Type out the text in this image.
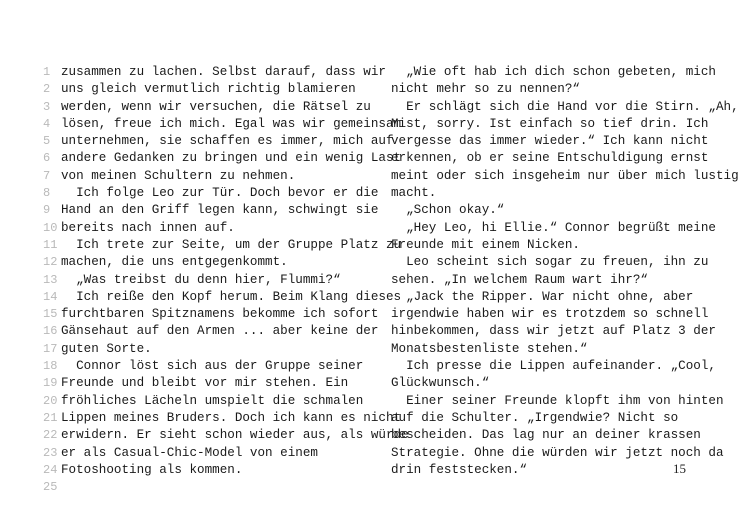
1 zusammen zu lachen. Selbst darauf, dass wir
2 uns gleich vermutlich richtig blamieren
3 werden, wenn wir versuchen, die Rätsel zu
4 lösen, freue ich mich. Egal was wir gemeinsam
5 unternehmen, sie schaffen es immer, mich auf
6 andere Gedanken zu bringen und ein wenig Last
7 von meinen Schultern zu nehmen.
8 Ich folge Leo zur Tür. Doch bevor er die
9 Hand an den Griff legen kann, schwingt sie
10 bereits nach innen auf.
11 Ich trete zur Seite, um der Gruppe Platz zu
12 machen, die uns entgegenkommt.
13 „Was treibst du denn hier, Flummi?“
14 Ich reiße den Kopf herum. Beim Klang dieses
15 furchtbaren Spitznamens bekomme ich sofort
16 Gänsehaut auf den Armen ... aber keine der
17 guten Sorte.
18 Connor löst sich aus der Gruppe seiner
19 Freunde und bleibt vor mir stehen. Ein
20 fröhliches Lächeln umspielt die schmalen
21 Lippen meines Bruders. Doch ich kann es nicht
22 erwidern. Er sieht schon wieder aus, als würde
23 er als Casual-Chic-Model von einem
24 Fotoshooting als kommen.
25
„Wie oft hab ich dich schon gebeten, mich
nicht mehr so zu nennen?“
Er schlägt sich die Hand vor die Stirn. „Ah,
Mist, sorry. Ist einfach so tief drin. Ich
vergesse das immer wieder.“ Ich kann nicht
erkennen, ob er seine Entschuldigung ernst
meint oder sich insgeheim nur über mich lustig
macht.
„Schon okay.“
„Hey Leo, hi Ellie.“ Connor begrüßt meine
Freunde mit einem Nicken.
Leo scheint sich sogar zu freuen, ihn zu
sehen. „In welchem Raum wart ihr?“
„Jack the Ripper. War nicht ohne, aber
irgendwie haben wir es trotzdem so schnell
hinbekommen, dass wir jetzt auf Platz 3 der
Monatsbestenliste stehen.“
Ich presse die Lippen aufeinander. „Cool,
Glückwunsch.“
Einer seiner Freunde klopft ihm von hinten
auf die Schulter. „Irgendwie? Nicht so
bescheiden. Das lag nur an deiner krassen
Strategie. Ohne die würden wir jetzt noch da
drin feststecken.“	15
